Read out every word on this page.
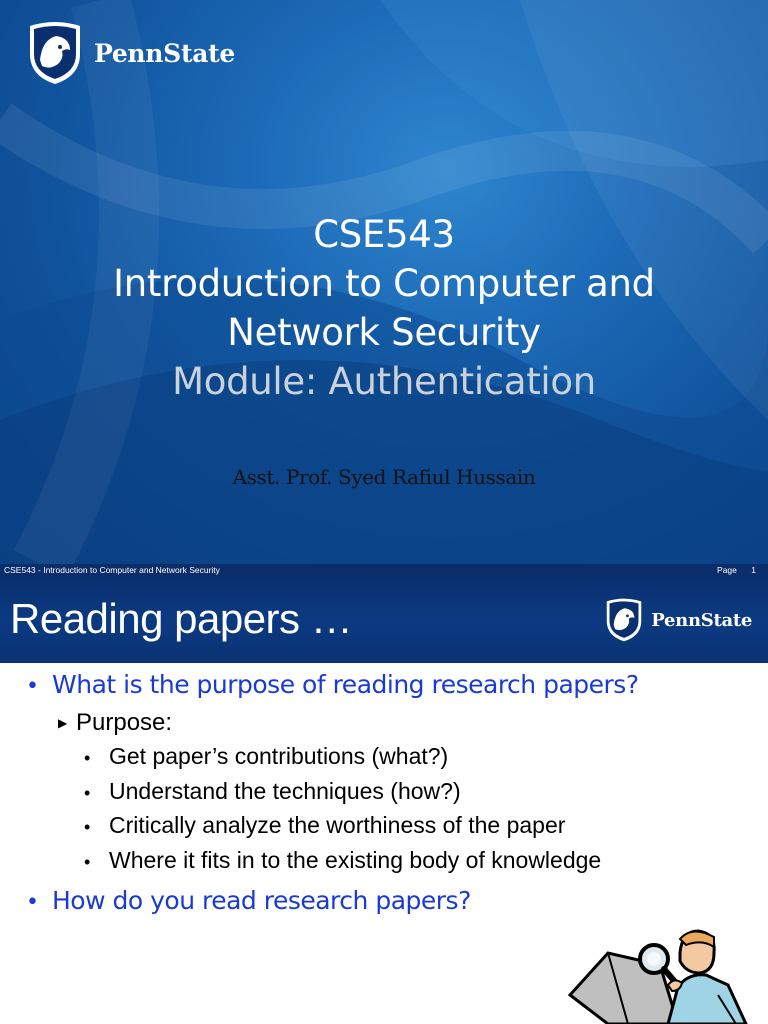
PennState
CSE543
Introduction to Computer and
Network Security
Module: Authentication
Asst. Prof. Syed Rafiul Hussain
CSE543 - Introduction to Computer and Network Security	Page 1
Reading papers …	PennState
• What is the purpose of reading research papers?
▶ Purpose:
• Get paper’s contributions (what?)
• Understand the techniques (how?)
• Critically analyze the worthiness of the paper
• Where it fits in to the existing body of knowledge
• How do you read research papers?
